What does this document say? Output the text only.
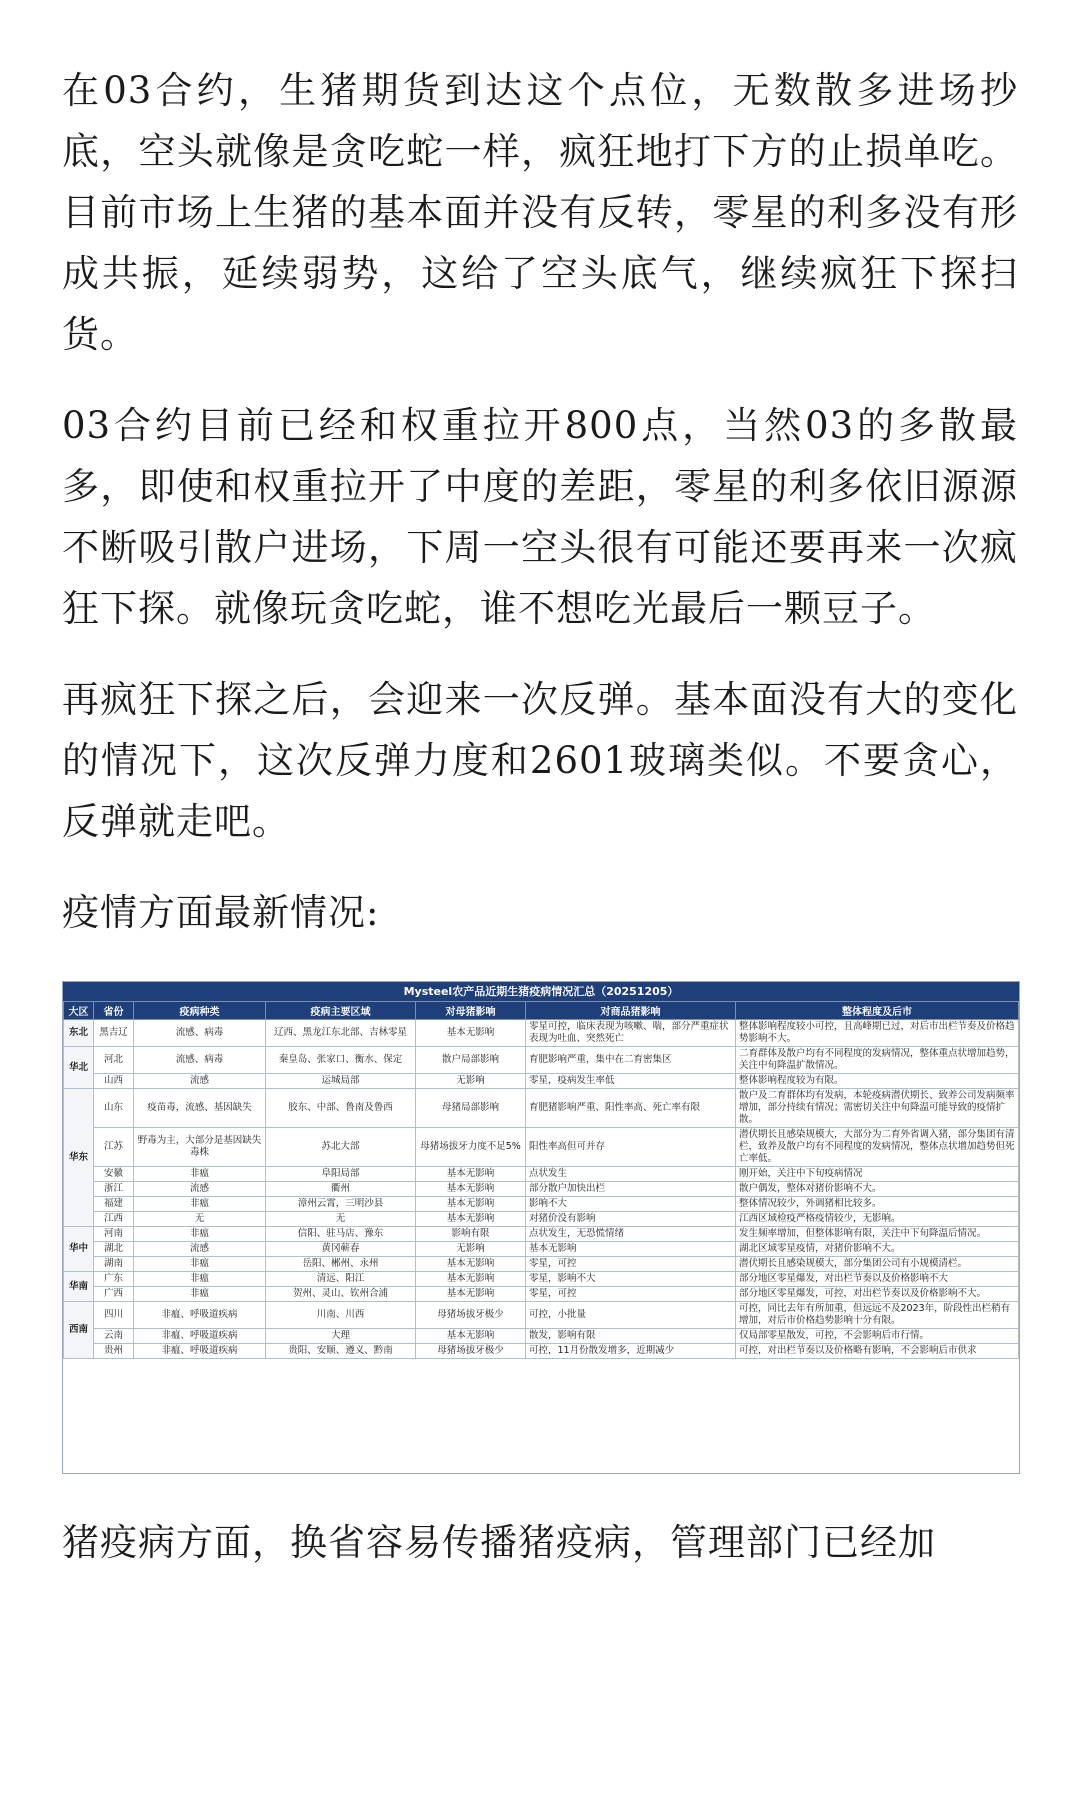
在03合约，生猪期货到达这个点位，无数散多进场抄底，空头就像是贪吃蛇一样，疯狂地打下方的止损单吃。目前市场上生猪的基本面并没有反转，零星的利多没有形成共振，延续弱势，这给了空头底气，继续疯狂下探扫货。

03合约目前已经和权重拉开800点，当然03的多散最多，即使和权重拉开了中度的差距，零星的利多依旧源源不断吸引散户进场，下周一空头很有可能还要再来一次疯狂下探。就像玩贪吃蛇，谁不想吃光最后一颗豆子。

再疯狂下探之后，会迎来一次反弹。基本面没有大的变化的情况下，这次反弹力度和2601玻璃类似。不要贪心，反弹就走吧。

疫情方面最新情况:

Mysteel农产品近期生猪疫病情况汇总（20251205）
大区	省份	疫病种类	疫病主要区域	对母猪影响	对商品猪影响	整体程度及后市
东北	黑吉辽	流感、病毒	辽西、黑龙江东北部、吉林零星	基本无影响	零星可控，临床表现为咳嗽、喘，部分严重症状表现为吐血、突然死亡	整体影响程度较小可控，且高峰期已过，对后市出栏节奏及价格趋势影响不大。
华北	河北	流感、病毒	秦皇岛、张家口、衡水、保定	散户局部影响	育肥影响严重，集中在二育密集区	二育群体及散户均有不同程度的发病情况，整体重点状增加趋势，关注中旬降温扩散情况。
	山西	流感	运城局部	无影响	零星，疫病发生率低	整体影响程度较为有限。
华东	山东	疫苗毒，流感、基因缺失	胶东、中部、鲁南及鲁西	母猪局部影响	育肥猪影响严重、阳性率高、死亡率有限	散户及二育群体均有发病，本轮疫病潜伏期长、致养公司发病频率增加，部分持续有情况；需密切关注中旬降温可能导致的疫情扩散。
	江苏	野毒为主，大部分是基因缺失毒株	苏北大部	母猪场拔牙力度不足5%	阳性率高但可并存	潜伏期长且感染规模大，大部分为二育外省调入猪，部分集团有清栏，致养及散户均有不同程度的发病情况，整体点状增加趋势但死亡率低。
	安徽	非瘟	阜阳局部	基本无影响	点状发生	刚开始，关注中下旬疫病情况
	浙江	流感	衢州	基本无影响	部分散户加快出栏	散户偶发，整体对猪价影响不大。
	福建	非瘟	漳州云霄，三明沙县	基本无影响	影响不大	整体情况较少，外调猪相比较多。
	江西	无	无	基本无影响	对猪价没有影响	江西区域检疫严格疫情较少，无影响。
华中	河南	非瘟	信阳、驻马店、豫东	影响有限	点状发生，无恐慌情绪	发生频率增加，但整体影响有限，关注中下旬降温后情况。
	湖北	流感	黄冈蕲春	无影响	基本无影响	湖北区域零星疫情，对猪价影响不大。
	湖南	非瘟	岳阳、郴州、永州	基本无影响	零星，可控	潜伏期长且感染规模大，部分集团公司有小规模清栏。
华南	广东	非瘟	清远、阳江	基本无影响	零星，影响不大	部分地区零星爆发，对出栏节奏以及价格影响不大
	广西	非瘟	贺州、灵山、钦州合浦	基本无影响	零星，可控	部分地区零星爆发，可控，对出栏节奏以及价格影响不大。
西南	四川	非瘟、呼吸道疾病	川南、川西	母猪场拔牙极少	可控，小批量	可控，同比去年有所加重，但远远不及2023年，阶段性出栏稍有增加，对后市价格趋势影响十分有限。
	云南	非瘟、呼吸道疾病	大理	基本无影响	散发，影响有限	仅局部零星散发，可控，不会影响后市行情。
	贵州	非瘟、呼吸道疾病	贵阳、安顺、遵义、黔南	母猪场拔牙极少	可控，11月份散发增多，近期减少	可控，对出栏节奏以及价格略有影响，不会影响后市供求

猪疫病方面，换省容易传播猪疫病，管理部门已经加
